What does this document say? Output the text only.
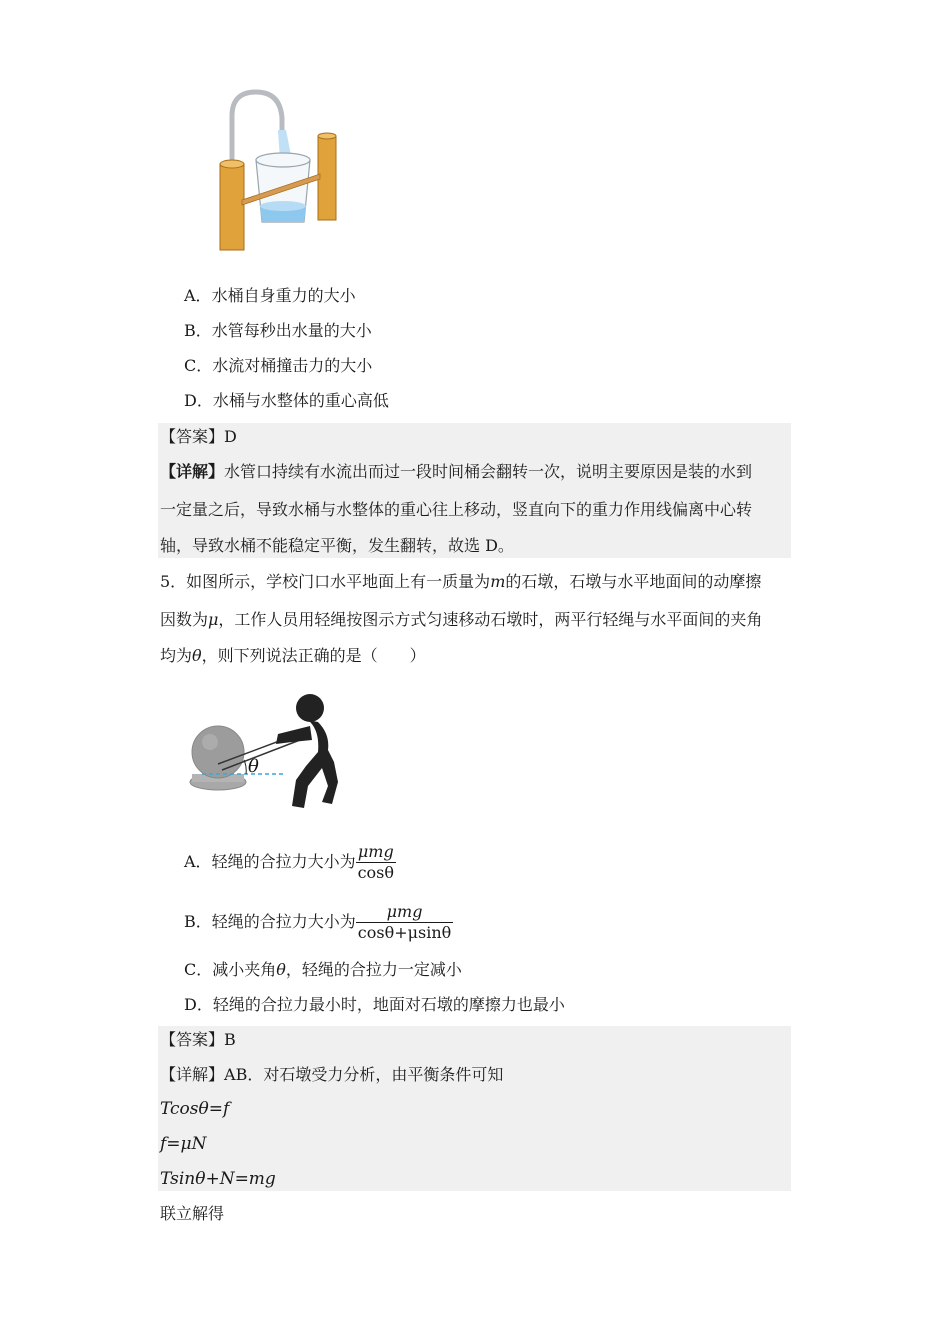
A．水桶自身重力的大小
B．水管每秒出水量的大小
C．水流对桶撞击力的大小
D．水桶与水整体的重心高低
【答案】D
【详解】水管口持续有水流出而过一段时间桶会翻转一次，说明主要原因是装的水到
一定量之后，导致水桶与水整体的重心往上移动，竖直向下的重力作用线偏离中心转
轴，导致水桶不能稳定平衡，发生翻转，故选 D。
5．如图所示，学校门口水平地面上有一质量为m的石墩，石墩与水平地面间的动摩擦
因数为μ，工作人员用轻绳按图示方式匀速移动石墩时，两平行轻绳与水平面间的夹角
均为θ，则下列说法正确的是（　　）
θ
A．轻绳的合拉力大小为 $\frac{\text{μmg}}{\cos\theta}$
B．轻绳的合拉力大小为 $\frac{\text{μmg}}{\cos\theta+\mu\sin\theta}$
C．减小夹角θ，轻绳的合拉力一定减小
D．轻绳的合拉力最小时，地面对石墩的摩擦力也最小
【答案】B
【详解】AB．对石墩受力分析，由平衡条件可知
Tcosθ=f
f=μN
Tsinθ+N=mg
联立解得
